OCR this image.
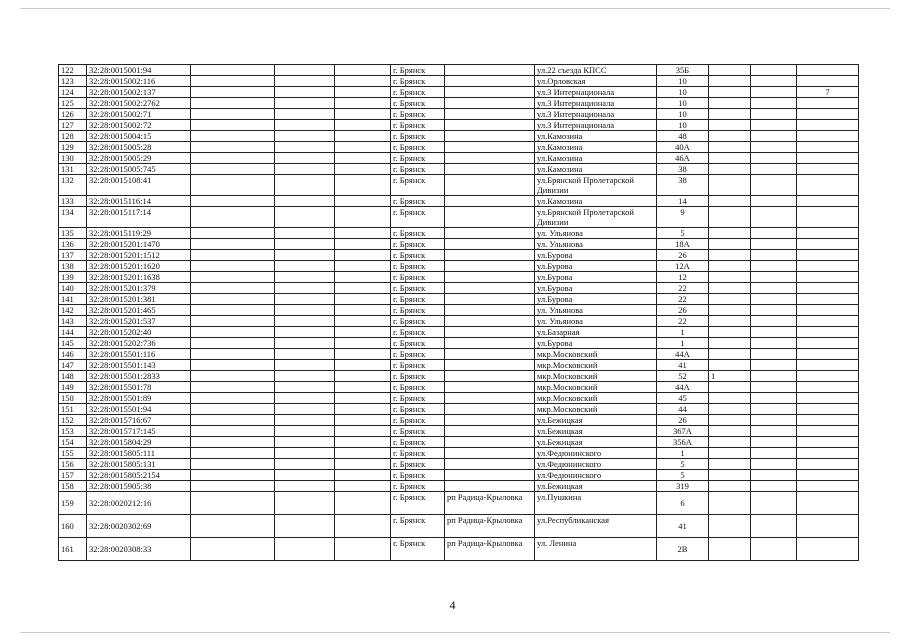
122	32:28:0015001:94				г. Брянск		ул.22 съезда КПСС	35Б			
123	32:28:0015002:116				г. Брянск		ул.Орловская	10			
124	32:28:0015002:137				г. Брянск		ул.3 Интернационала	10			7
125	32:28:0015002:2762				г. Брянск		ул.3 Интернационала	10			
126	32:28:0015002:71				г. Брянск		ул.3 Интернационала	10			
127	32:28:0015002:72				г. Брянск		ул.3 Интернационала	10			
128	32:28:0015004:15				г. Брянск		ул.Камозина	48			
129	32:28:0015005:28				г. Брянск		ул.Камозина	40А			
130	32:28:0015005:29				г. Брянск		ул.Камозина	46А			
131	32:28:0015005:745				г. Брянск		ул.Камозина	38			
132	32:28:0015108:41				г. Брянск		ул.Брянской Пролетарской Дивизии	38			
133	32:28:0015116:14				г. Брянск		ул.Камозина	14			
134	32:28:0015117:14				г. Брянск		ул.Брянской Пролетарской Дивизии	9			
135	32:28:0015119:29				г. Брянск		ул. Ульянова	5			
136	32:28:0015201:1470				г. Брянск		ул. Ульянова	18А			
137	32:28:0015201:1512				г. Брянск		ул.Бурова	26			
138	32:28:0015201:1620				г. Брянск		ул.Бурова	12А			
139	32:28:0015201:1638				г. Брянск		ул.Бурова	12			
140	32:28:0015201:379				г. Брянск		ул.Бурова	22			
141	32:28:0015201:381				г. Брянск		ул.Бурова	22			
142	32:28:0015201:465				г. Брянск		ул. Ульянова	26			
143	32:28:0015201:537				г. Брянск		ул. Ульянова	22			
144	32:28:0015202:40				г. Брянск		ул.Базарная	1			
145	32:28:0015202:736				г. Брянск		ул.Бурова	1			
146	32:28:0015501:116				г. Брянск		мкр.Московский	44А			
147	32:28:0015501:143				г. Брянск		мкр.Московский	41			
148	32:28:0015501:2833				г. Брянск		мкр.Московский	52	1		
149	32:28:0015501:78				г. Брянск		мкр.Московский	44А			
150	32:28:0015501:89				г. Брянск		мкр.Московский	45			
151	32:28:0015501:94				г. Брянск		мкр.Московский	44			
152	32:28:0015716:67				г. Брянск		ул.Бежицкая	26			
153	32:28:0015717:145				г. Брянск		ул.Бежицкая	367А			
154	32:28:0015804:29				г. Брянск		ул.Бежицкая	356А			
155	32:28:0015805:111				г. Брянск		ул.Федюнинского	1			
156	32:28:0015805:131				г. Брянск		ул.Федюнинского	5			
157	32:28:0015805:2154				г. Брянск		ул.Федюнинского	5			
158	32:28:0015905:38				г. Брянск		ул.Бежицкая	319			
159	32:28:0020212:16				г. Брянск	рп Радица-Крыловка	ул.Пушкина	6			
160	32:28:0020302:69				г. Брянск	рп Радица-Крыловка	ул.Республиканская	41			
161	32:28:0020308:33				г. Брянск	рп Радица-Крыловка	ул. Ленина	2В			
4
